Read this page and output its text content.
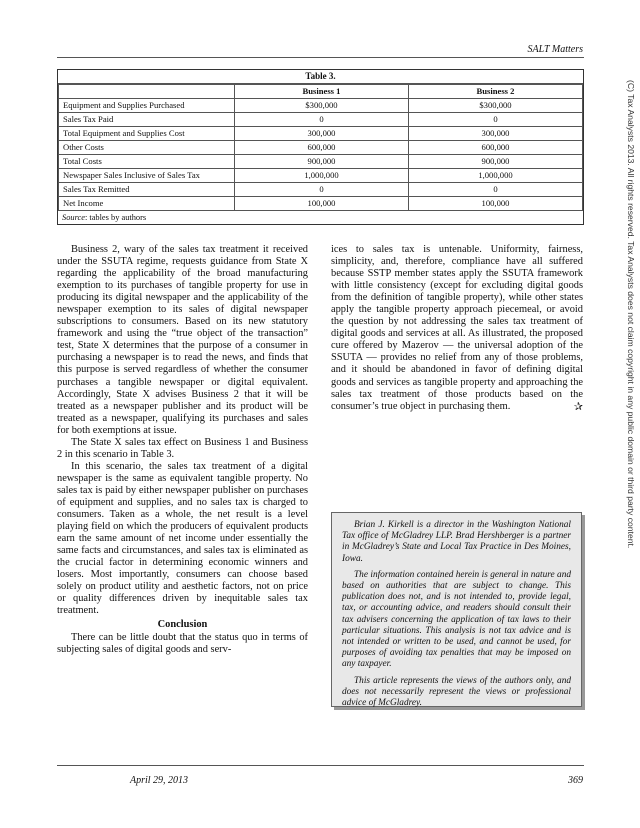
SALT Matters
Table 3.
	Business 1	Business 2
Equipment and Supplies Purchased	$300,000	$300,000
Sales Tax Paid	0	0
Total Equipment and Supplies Cost	300,000	300,000
Other Costs	600,000	600,000
Total Costs	900,000	900,000
Newspaper Sales Inclusive of Sales Tax	1,000,000	1,000,000
Sales Tax Remitted	0	0
Net Income	100,000	100,000
Source: tables by authors

Business 2, wary of the sales tax treatment it received under the SSUTA regime, requests guidance from State X regarding the applicability of the broad manufacturing exemption to its purchases of tangible property for use in producing its digital newspaper and the applicability of the newspaper exemption to its sales of digital newspaper subscriptions to consumers. Based on its new statutory framework and using the “true object of the transaction” test, State X determines that the purpose of a consumer in purchasing a newspaper is to read the news, and finds that this purpose is served regardless of whether the consumer purchases a tangible newspaper or digital equivalent. Accordingly, State X advises Business 2 that it will be treated as a newspaper publisher and its product will be treated as a newspaper, qualifying its purchases and sales for both exemptions at issue.

The State X sales tax effect on Business 1 and Business 2 in this scenario in Table 3.

In this scenario, the sales tax treatment of a digital newspaper is the same as equivalent tangible property. No sales tax is paid by either newspaper publisher on purchases of equipment and supplies, and no sales tax is charged to consumers. Taken as a whole, the net result is a level playing field on which the producers of equivalent products earn the same amount of net income under essentially the same facts and circumstances, and sales tax is eliminated as the crucial factor in determining economic winners and losers. Most importantly, consumers can choose based solely on product utility and aesthetic factors, not on price or quality differences driven by inequitable sales tax treatment.

Conclusion

There can be little doubt that the status quo in terms of subjecting sales of digital goods and serv-

ices to sales tax is untenable. Uniformity, fairness, simplicity, and, therefore, compliance have all suffered because SSTP member states apply the SSUTA framework with little consistency (except for excluding digital goods from the definition of tangible property), while other states apply the tangible property approach piecemeal, or avoid the question by not addressing the sales tax treatment of digital goods and services at all. As illustrated, the proposed cure offered by Mazerov — the universal adoption of the SSUTA — provides no relief from any of those problems, and it should be abandoned in favor of defining digital goods and services as tangible property and approaching the sales tax treatment of those products based on the consumer’s true object in purchasing them.	✰

Brian J. Kirkell is a director in the Washington National Tax office of McGladrey LLP. Brad Hershberger is a partner in McGladrey’s State and Local Tax Practice in Des Moines, Iowa.

The information contained herein is general in nature and based on authorities that are subject to change. This publication does not, and is not intended to, provide legal, tax, or accounting advice, and readers should consult their tax advisers concerning the application of tax laws to their particular situations. This analysis is not tax advice and is not intended or written to be used, and cannot be used, for purposes of avoiding tax penalties that may be imposed on any taxpayer.

This article represents the views of the authors only, and does not necessarily represent the views or professional advice of McGladrey.

(C) Tax Analysts 2013. All rights reserved. Tax Analysts does not claim copyright in any public domain or third party content.
April 29, 2013	369
